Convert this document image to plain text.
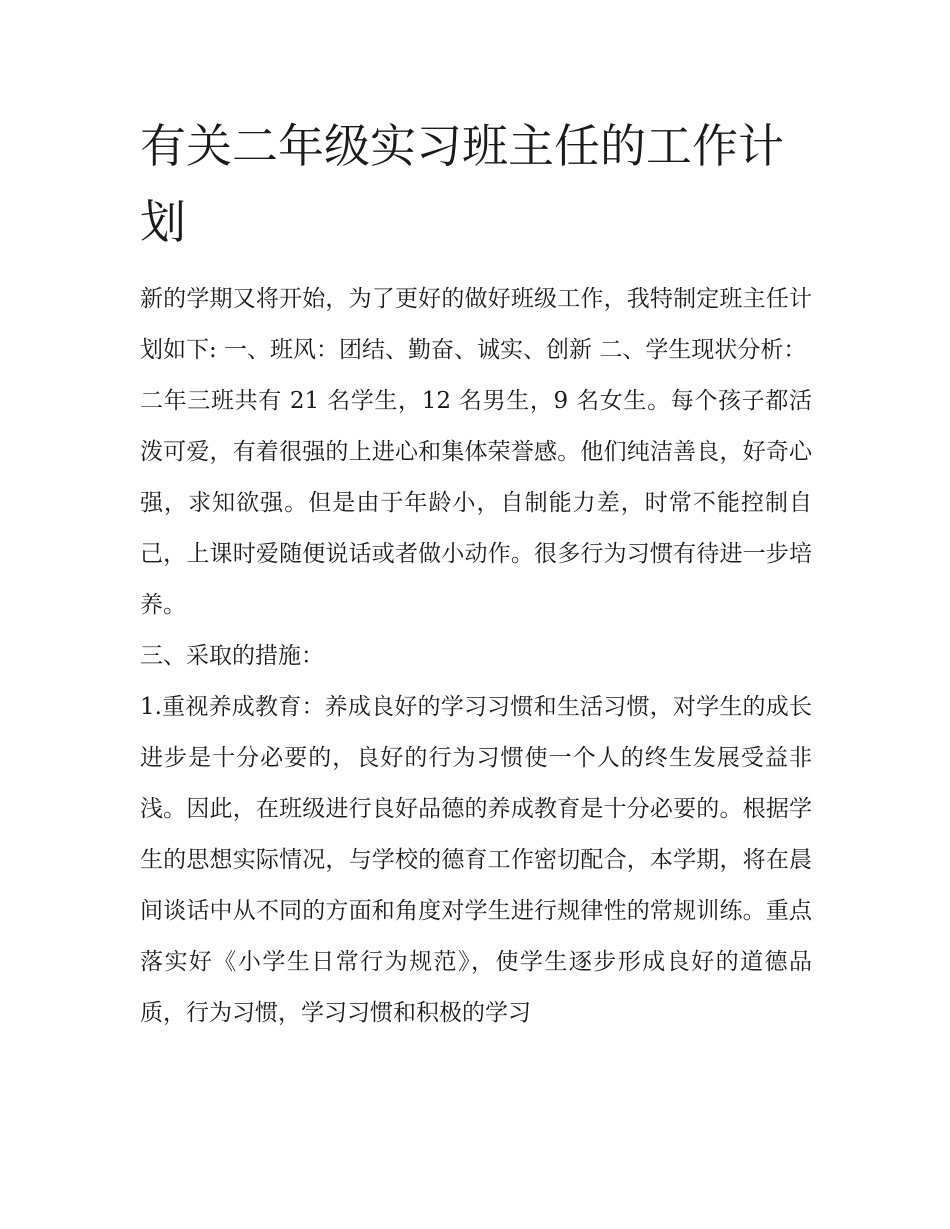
有关二年级实习班主任的工作计划

新的学期又将开始，为了更好的做好班级工作，我特制定班主任计划如下: 一、班风：团结、勤奋、诚实、创新 二、学生现状分析：

二年三班共有 21 名学生，12 名男生，9 名女生。每个孩子都活泼可爱，有着很强的上进心和集体荣誉感。他们纯洁善良，好奇心强，求知欲强。但是由于年龄小，自制能力差，时常不能控制自己，上课时爱随便说话或者做小动作。很多行为习惯有待进一步培养。

三、采取的措施：

1.重视养成教育：养成良好的学习习惯和生活习惯，对学生的成长进步是十分必要的，良好的行为习惯使一个人的终生发展受益非浅。因此，在班级进行良好品德的养成教育是十分必要的。根据学生的思想实际情况，与学校的德育工作密切配合，本学期，将在晨间谈话中从不同的方面和角度对学生进行规律性的常规训练。重点落实好《小学生日常行为规范》，使学生逐步形成良好的道德品质，行为习惯，学习习惯和积极的学习
